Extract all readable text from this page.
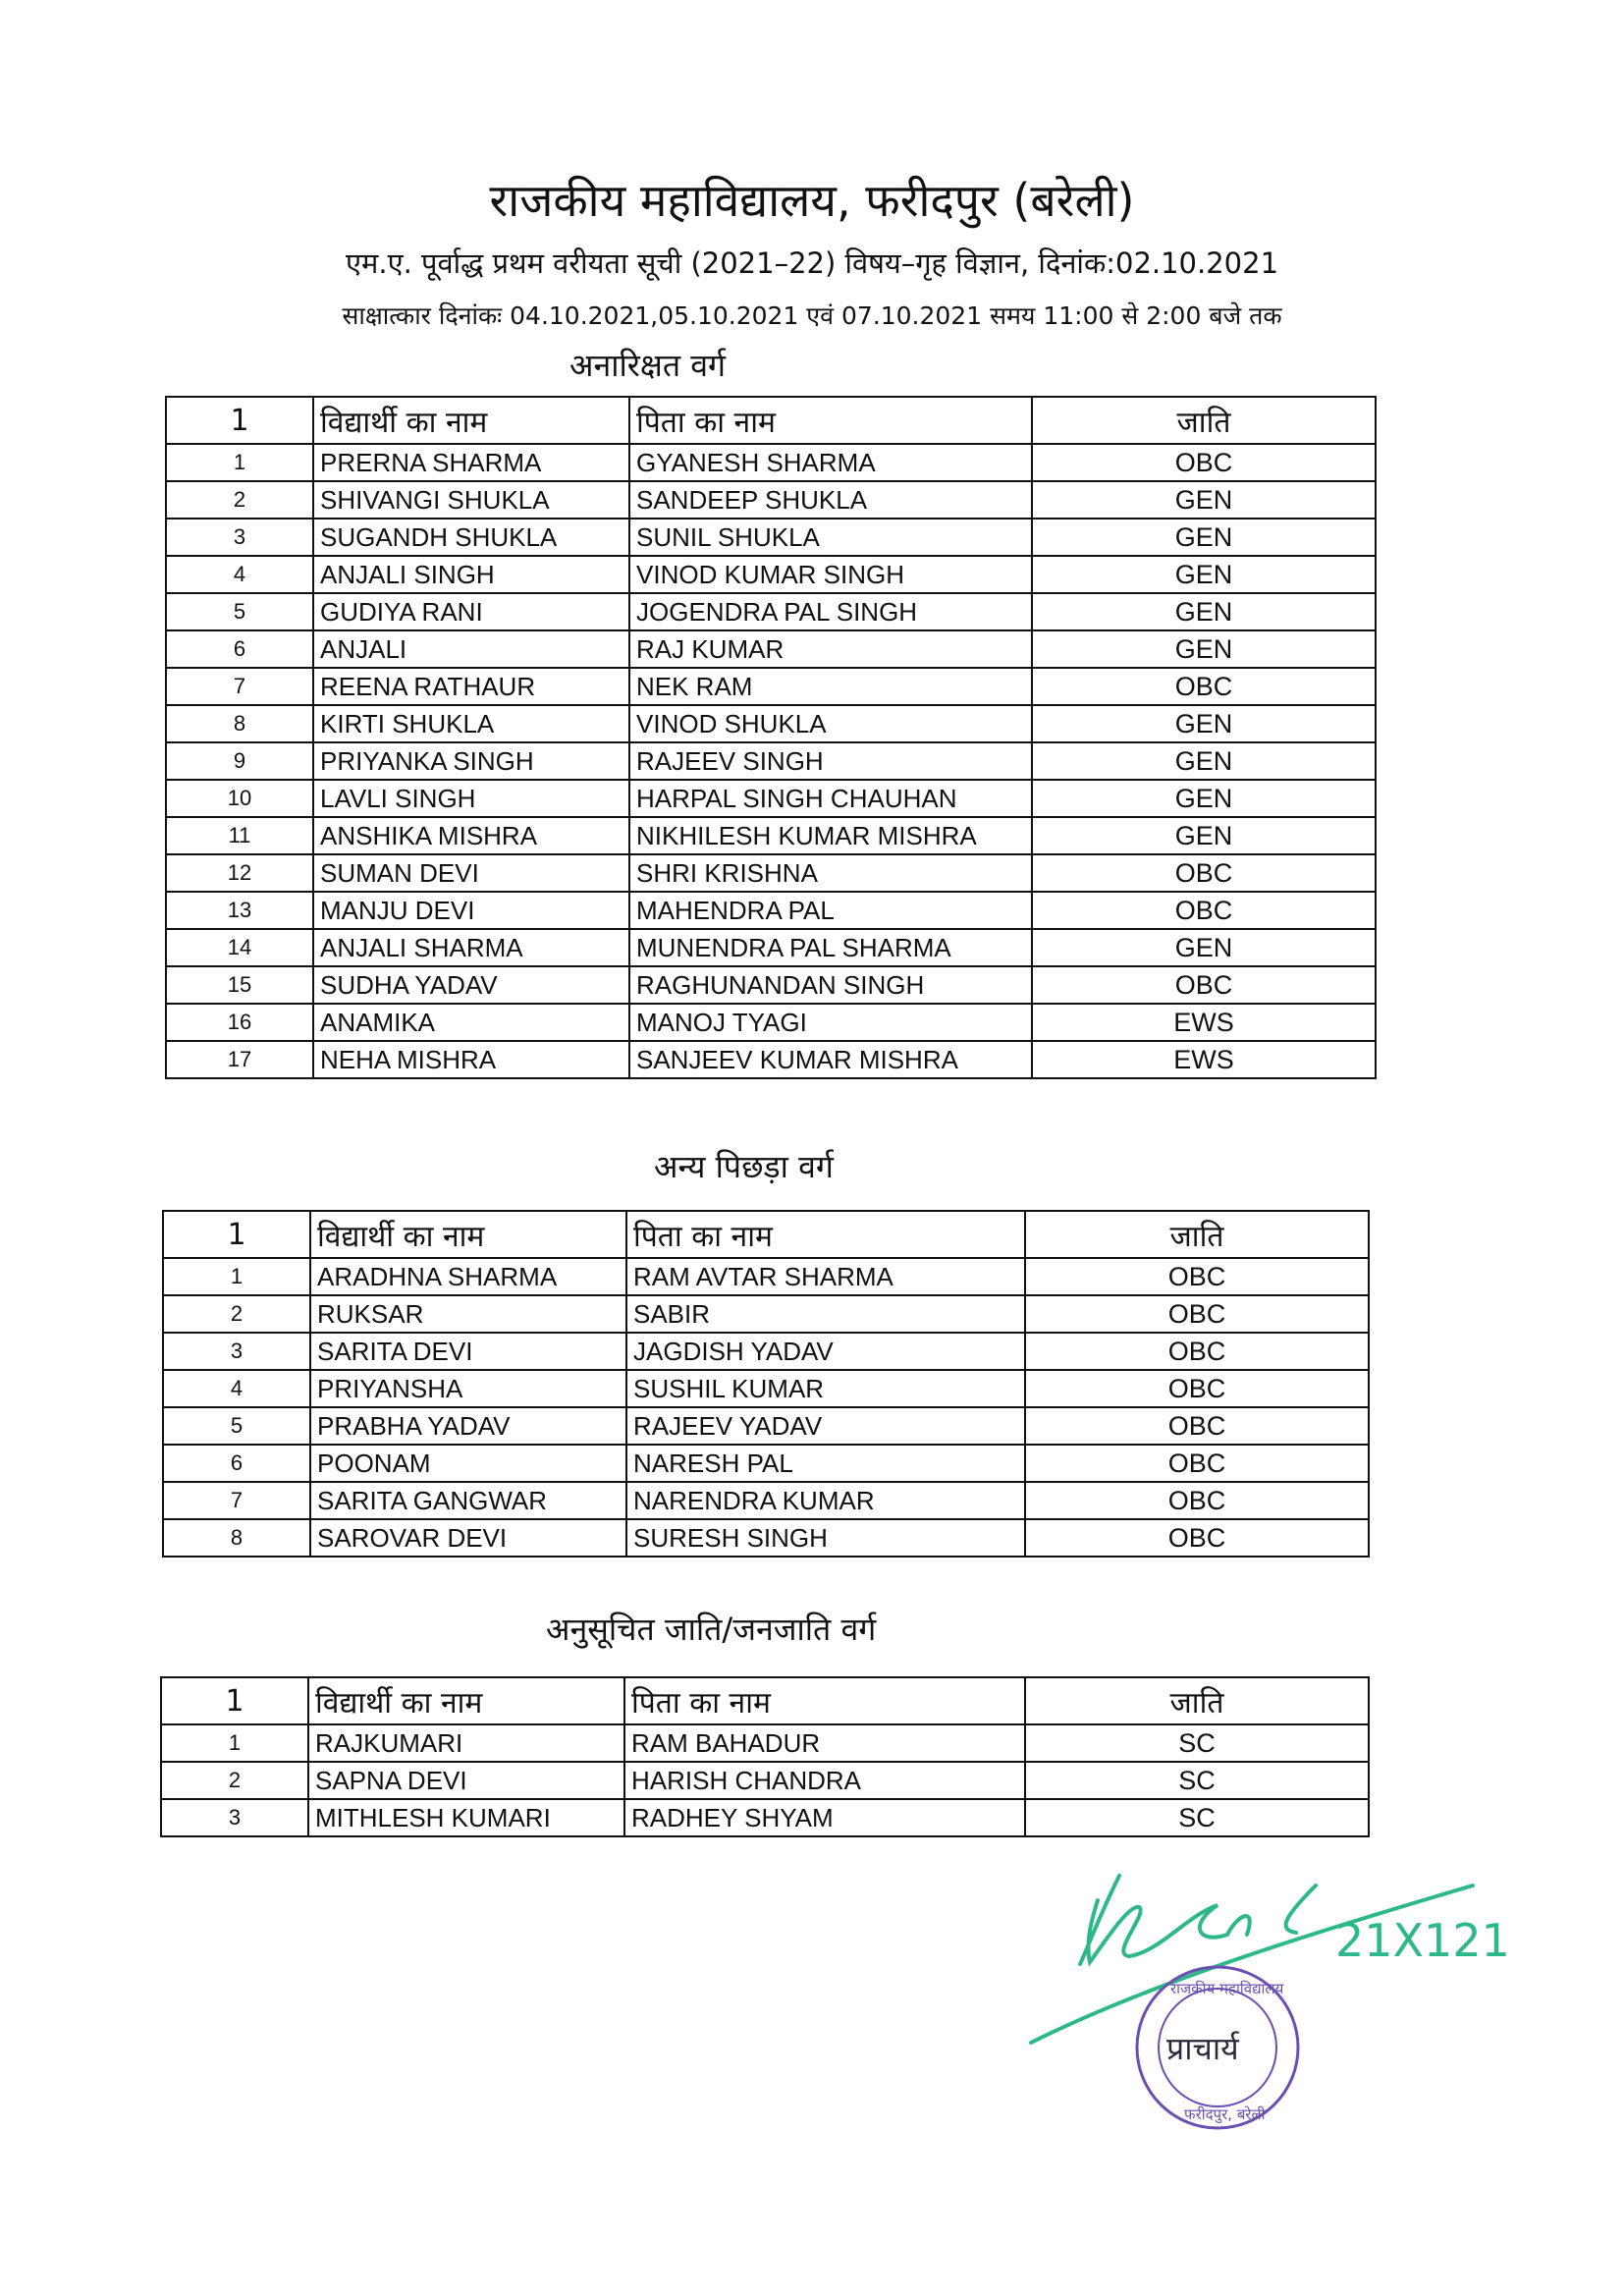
राजकीय महाविद्यालय, फरीदपुर (बरेली)
एम.ए. पूर्वाद्ध प्रथम वरीयता सूची (2021–22) विषय–गृह विज्ञान, दिनांक:02.10.2021
साक्षात्कार दिनांकः 04.10.2021,05.10.2021 एवं 07.10.2021 समय 11:00 से 2:00 बजे तक
अनारिक्षत वर्ग
1	विद्यार्थी का नाम	पिता का नाम	जाति
1	PRERNA SHARMA	GYANESH SHARMA	OBC
2	SHIVANGI SHUKLA	SANDEEP SHUKLA	GEN
3	SUGANDH SHUKLA	SUNIL SHUKLA	GEN
4	ANJALI SINGH	VINOD KUMAR SINGH	GEN
5	GUDIYA RANI	JOGENDRA PAL SINGH	GEN
6	ANJALI	RAJ KUMAR	GEN
7	REENA RATHAUR	NEK RAM	OBC
8	KIRTI SHUKLA	VINOD SHUKLA	GEN
9	PRIYANKA SINGH	RAJEEV SINGH	GEN
10	LAVLI SINGH	HARPAL SINGH CHAUHAN	GEN
11	ANSHIKA MISHRA	NIKHILESH KUMAR MISHRA	GEN
12	SUMAN DEVI	SHRI KRISHNA	OBC
13	MANJU DEVI	MAHENDRA PAL	OBC
14	ANJALI SHARMA	MUNENDRA PAL SHARMA	GEN
15	SUDHA YADAV	RAGHUNANDAN SINGH	OBC
16	ANAMIKA	MANOJ TYAGI	EWS
17	NEHA MISHRA	SANJEEV KUMAR MISHRA	EWS
अन्य पिछड़ा वर्ग
1	विद्यार्थी का नाम	पिता का नाम	जाति
1	ARADHNA SHARMA	RAM AVTAR SHARMA	OBC
2	RUKSAR	SABIR	OBC
3	SARITA DEVI	JAGDISH YADAV	OBC
4	PRIYANSHA	SUSHIL KUMAR	OBC
5	PRABHA YADAV	RAJEEV YADAV	OBC
6	POONAM	NARESH PAL	OBC
7	SARITA GANGWAR	NARENDRA KUMAR	OBC
8	SAROVAR DEVI	SURESH SINGH	OBC
अनुसूचित जाति/जनजाति वर्ग
1	विद्यार्थी का नाम	पिता का नाम	जाति
1	RAJKUMARI	RAM BAHADUR	SC
2	SAPNA DEVI	HARISH CHANDRA	SC
3	MITHLESH KUMARI	RADHEY SHYAM	SC
21X121
राजकीय महाविद्यालय
फरीदपुर, बरेली
प्राचार्य
